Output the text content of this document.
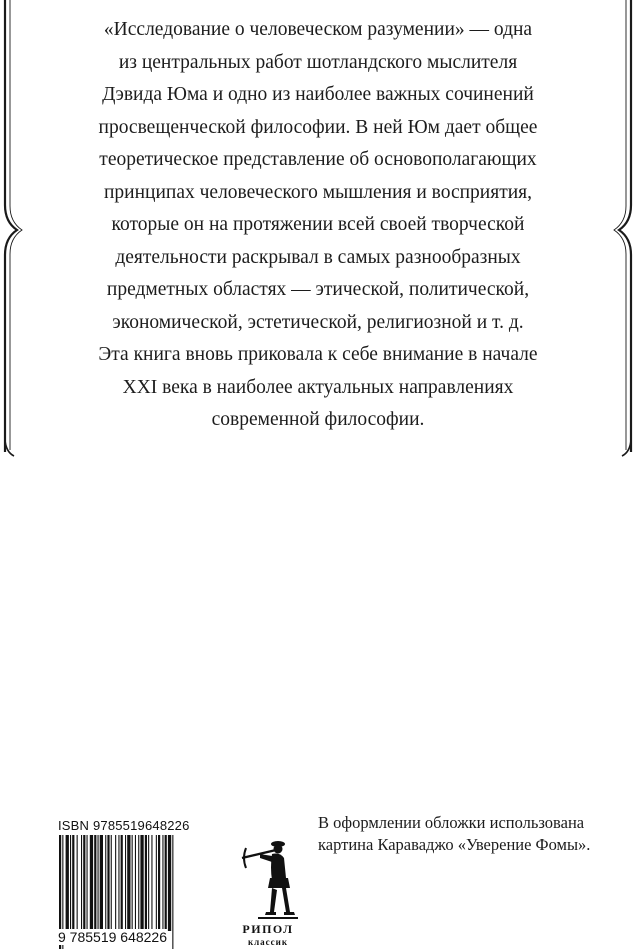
«Исследование о человеческом разумении» — одна
из центральных работ шотландского мыслителя
Дэвида Юма и одно из наиболее важных сочинений
просвещенческой философии. В ней Юм дает общее
теоретическое представление об основополагающих
принципах человеческого мышления и восприятия,
которые он на протяжении всей своей творческой
деятельности раскрывал в самых разнообразных
предметных областях — этической, политической,
экономической, эстетической, религиозной и т. д.
Эта книга вновь приковала к себе внимание в начале
XXI века в наиболее актуальных направлениях
современной философии.
ISBN 9785519648226
9 785519 648226	РИПОЛ
классик
В оформлении обложки использована
картина Караваджо «Уверение Фомы».
